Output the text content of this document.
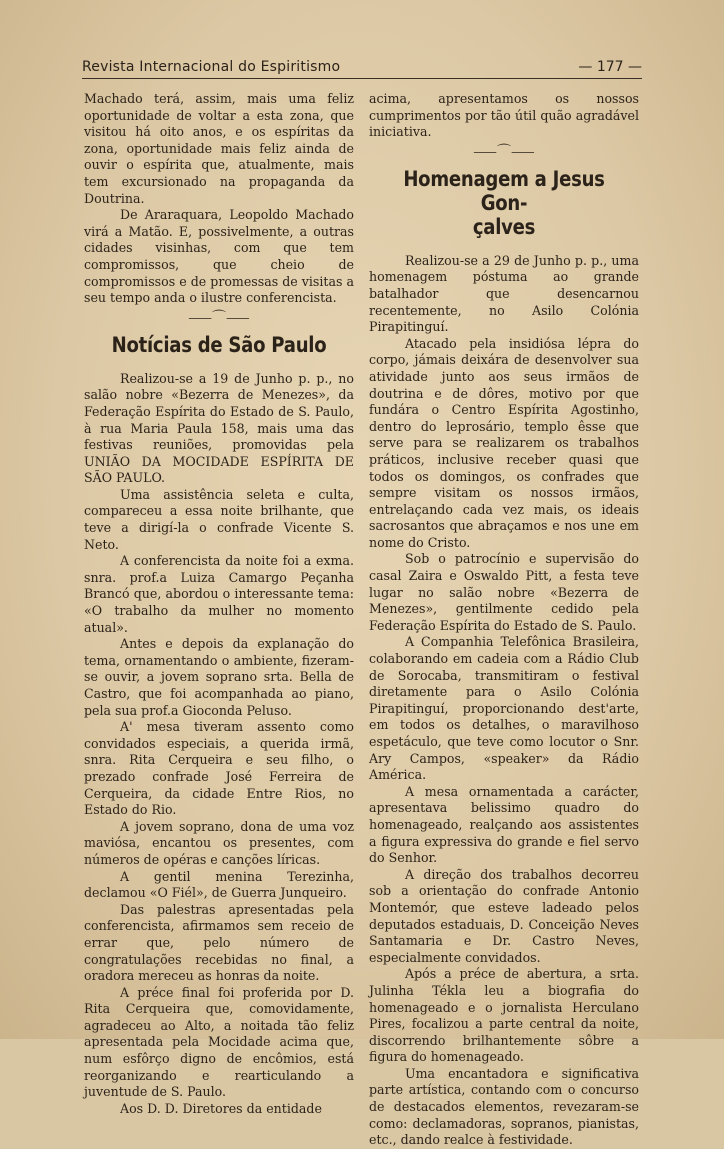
Revista Internacional do Espiritismo	— 177 —

Machado terá, assim, mais uma feliz oportunidade de voltar a esta zona, que visitou há oito anos, e os espíritas da zona, oportunidade mais feliz ainda de ouvir o espírita que, atualmente, mais tem excursionado na propaganda da Doutrina.

De Araraquara, Leopoldo Machado virá a Matão. E, possivelmente, a outras cidades visinhas, com que tem compromissos, que cheio de compromissos e de promessas de visitas a seu tempo anda o ilustre conferencista.

⸺⌒⸺
Notícias de São Paulo

Realizou-se a 19 de Junho p. p., no salão nobre «Bezerra de Menezes», da Federação Espírita do Estado de S. Paulo, à rua Maria Paula 158, mais uma das festivas reuniões, promovidas pela UNIÃO DA MOCIDADE ESPÍRITA DE SÃO PAULO.

Uma assistência seleta e culta, compareceu a essa noite brilhante, que teve a dirigí-la o confrade Vicente S. Neto.

A conferencista da noite foi a exma. snra. prof.a Luiza Camargo Peçanha Brancó que, abordou o interessante tema: «O trabalho da mulher no momento atual».

Antes e depois da explanação do tema, ornamentando o ambiente, fizeram-se ouvir, a jovem soprano srta. Bella de Castro, que foi acompanhada ao piano, pela sua prof.a Gioconda Peluso.

A' mesa tiveram assento como convidados especiais, a querida irmã, snra. Rita Cerqueira e seu filho, o prezado confrade José Ferreira de Cerqueira, da cidade Entre Rios, no Estado do Rio.

A jovem soprano, dona de uma voz maviósa, encantou os presentes, com números de opéras e canções líricas.

A gentil menina Terezinha, declamou «O Fiél», de Guerra Junqueiro.

Das palestras apresentadas pela conferencista, afirmamos sem receio de errar que, pelo número de congratulações recebidas no final, a oradora mereceu as honras da noite.

A préce final foi proferida por D. Rita Cerqueira que, comovidamente, agradeceu ao Alto, a noitada tão feliz apresentada pela Mocidade acima que, num esfôrço digno de encômios, está reorganizando e rearticulando a juventude de S. Paulo.

Aos D. D. Diretores da entidade

acima, apresentamos os nossos cumprimentos por tão útil quão agradável iniciativa.

⸺⌒⸺
Homenagem a Jesus Gon-
çalves

Realizou-se a 29 de Junho p. p., uma homenagem póstuma ao grande batalhador que desencarnou recentemente, no Asilo Colónia Pirapitinguí.

Atacado pela insidiósa lépra do corpo, jámais deixára de desenvolver sua atividade junto aos seus irmãos de doutrina e de dôres, motivo por que fundára o Centro Espírita Agostinho, dentro do leprosário, templo êsse que serve para se realizarem os trabalhos práticos, inclusive receber quasi que todos os domingos, os confrades que sempre visitam os nossos irmãos, entrelaçando cada vez mais, os ideais sacrosantos que abraçamos e nos une em nome do Cristo.

Sob o patrocínio e supervisão do casal Zaira e Oswaldo Pitt, a festa teve lugar no salão nobre «Bezerra de Menezes», gentilmente cedido pela Federação Espírita do Estado de S. Paulo.

A Companhia Telefônica Brasileira, colaborando em cadeia com a Rádio Club de Sorocaba, transmitiram o festival diretamente para o Asilo Colónia Pirapitinguí, proporcionando dest'arte, em todos os detalhes, o maravilhoso espetáculo, que teve como locutor o Snr. Ary Campos, «speaker» da Rádio América.

A mesa ornamentada a carácter, apresentava belissimo quadro do homenageado, realçando aos assistentes a figura expressiva do grande e fiel servo do Senhor.

A direção dos trabalhos decorreu sob a orientação do confrade Antonio Montemór, que esteve ladeado pelos deputados estaduais, D. Conceição Neves Santamaria e Dr. Castro Neves, especialmente convidados.

Após a préce de abertura, a srta. Julinha Tékla leu a biografia do homenageado e o jornalista Herculano Pires, focalizou a parte central da noite, discorrendo brilhantemente sôbre a figura do homenageado.

Uma encantadora e significativa parte artística, contando com o concurso de destacados elementos, revezaram-se como: declamadoras, sopranos, pianistas, etc., dando realce à festividade.
